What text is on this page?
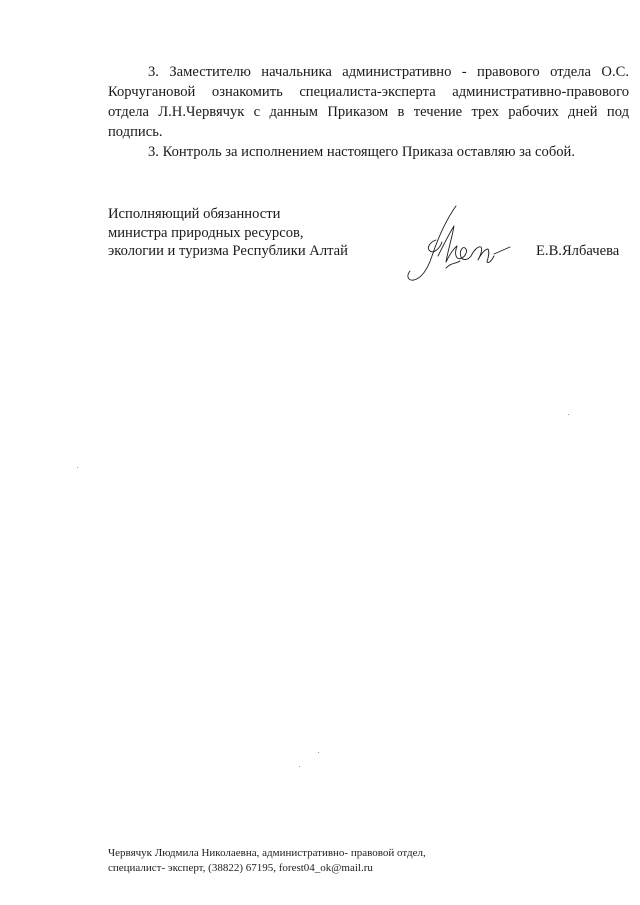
3. Заместителю начальника административно - правового отдела О.С. Корчугановой ознакомить специалиста-эксперта административно-правового отдела Л.Н.Червячук с данным Приказом в течение трех рабочих дней под подпись.

3. Контроль за исполнением настоящего Приказа оставляю за собой.

Исполняющий обязанности
министра природных ресурсов,
экологии и туризма Республики Алтай	Е.В.Ялбачева
Червячук Людмила Николаевна, административно- правовой отдел,
специалист- эксперт, (38822) 67195, forest04_ok@mail.ru
